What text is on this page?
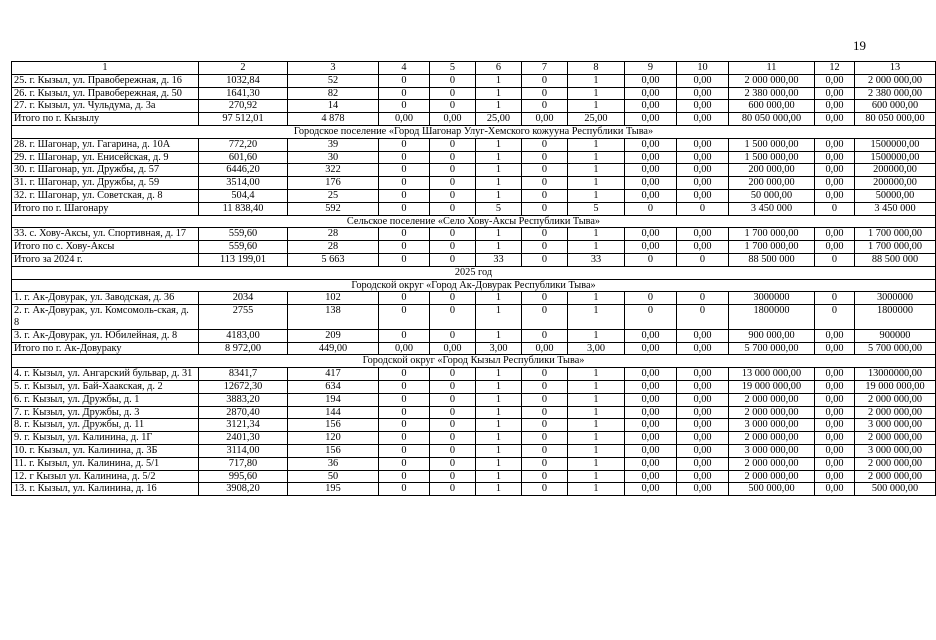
19
1	2	3	4	5	6	7	8	9	10	11	12	13
25. г. Кызыл, ул. Правобережная, д. 16	1032,84	52	0	0	1	0	1	0,00	0,00	2 000 000,00	0,00	2 000 000,00
26. г. Кызыл, ул. Правобережная, д. 50	1641,30	82	0	0	1	0	1	0,00	0,00	2 380 000,00	0,00	2 380 000,00
27. г. Кызыл, ул. Чульдума, д. 3а	270,92	14	0	0	1	0	1	0,00	0,00	600 000,00	0,00	600 000,00
Итого по г. Кызылу	97 512,01	4 878	0,00	0,00	25,00	0,00	25,00	0,00	0,00	80 050 000,00	0,00	80 050 000,00
Городское поселение «Город Шагонар Улуг-Хемского кожууна Республики Тыва»												
28. г. Шагонар, ул. Гагарина, д. 10А	772,20	39	0	0	1	0	1	0,00	0,00	1 500 000,00	0,00	1500000,00
29. г. Шагонар, ул. Енисейская, д. 9	601,60	30	0	0	1	0	1	0,00	0,00	1 500 000,00	0,00	1500000,00
30. г. Шагонар, ул. Дружбы, д. 57	6446,20	322	0	0	1	0	1	0,00	0,00	200 000,00	0,00	200000,00
31. г. Шагонар, ул. Дружбы, д. 59	3514,00	176	0	0	1	0	1	0,00	0,00	200 000,00	0,00	200000,00
32. г. Шагонар, ул. Советская, д. 8	504,4	25	0	0	1	0	1	0,00	0,00	50 000,00	0,00	50000,00
Итого по г. Шагонару	11 838,40	592	0	0	5	0	5	0	0	3 450 000	0	3 450 000
Сельское поселение «Село Хову-Аксы Республики Тыва»												
33. с. Хову-Аксы, ул. Спортивная, д. 17	559,60	28	0	0	1	0	1	0,00	0,00	1 700 000,00	0,00	1 700 000,00
Итого по с. Хову-Аксы	559,60	28	0	0	1	0	1	0,00	0,00	1 700 000,00	0,00	1 700 000,00
Итого за 2024 г.	113 199,01	5 663	0	0	33	0	33	0	0	88 500 000	0	88 500 000
2025 год												
Городской округ «Город Ак-Довурак Республики Тыва»												
1. г. Ак-Довурак, ул. Заводская, д. 36	2034	102	0	0	1	0	1	0	0	3000000	0	3000000
2. г. Ак-Довурак, ул. Комсомоль-ская, д. 8	2755	138	0	0	1	0	1	0	0	1800000	0	1800000
3. г. Ак-Довурак, ул. Юбилейная, д. 8	4183,00	209	0	0	1	0	1	0,00	0,00	900 000,00	0,00	900000
Итого по г. Ак-Довураку	8 972,00	449,00	0,00	0,00	3,00	0,00	3,00	0,00	0,00	5 700 000,00	0,00	5 700 000,00
Городской округ «Город Кызыл Республики Тыва»												
4. г. Кызыл, ул. Ангарский бульвар, д. 31	8341,7	417	0	0	1	0	1	0,00	0,00	13 000 000,00	0,00	13000000,00
5. г. Кызыл, ул. Бай-Хаакская, д. 2	12672,30	634	0	0	1	0	1	0,00	0,00	19 000 000,00	0,00	19 000 000,00
6. г. Кызыл, ул. Дружбы, д. 1	3883,20	194	0	0	1	0	1	0,00	0,00	2 000 000,00	0,00	2 000 000,00
7. г. Кызыл, ул. Дружбы, д. 3	2870,40	144	0	0	1	0	1	0,00	0,00	2 000 000,00	0,00	2 000 000,00
8. г. Кызыл, ул. Дружбы, д. 11	3121,34	156	0	0	1	0	1	0,00	0,00	3 000 000,00	0,00	3 000 000,00
9. г. Кызыл, ул. Калинина, д. 1Г	2401,30	120	0	0	1	0	1	0,00	0,00	2 000 000,00	0,00	2 000 000,00
10. г. Кызыл, ул. Калинина, д. 3Б	3114,00	156	0	0	1	0	1	0,00	0,00	3 000 000,00	0,00	3 000 000,00
11. г. Кызыл, ул. Калинина, д. 5/1	717,80	36	0	0	1	0	1	0,00	0,00	2 000 000,00	0,00	2 000 000,00
12. г Кызыл ул. Калинина, д. 5/2	995,60	50	0	0	1	0	1	0,00	0,00	2 000 000,00	0,00	2 000 000,00
13. г. Кызыл, ул. Калинина, д. 16	3908,20	195	0	0	1	0	1	0,00	0,00	500 000,00	0,00	500 000,00
